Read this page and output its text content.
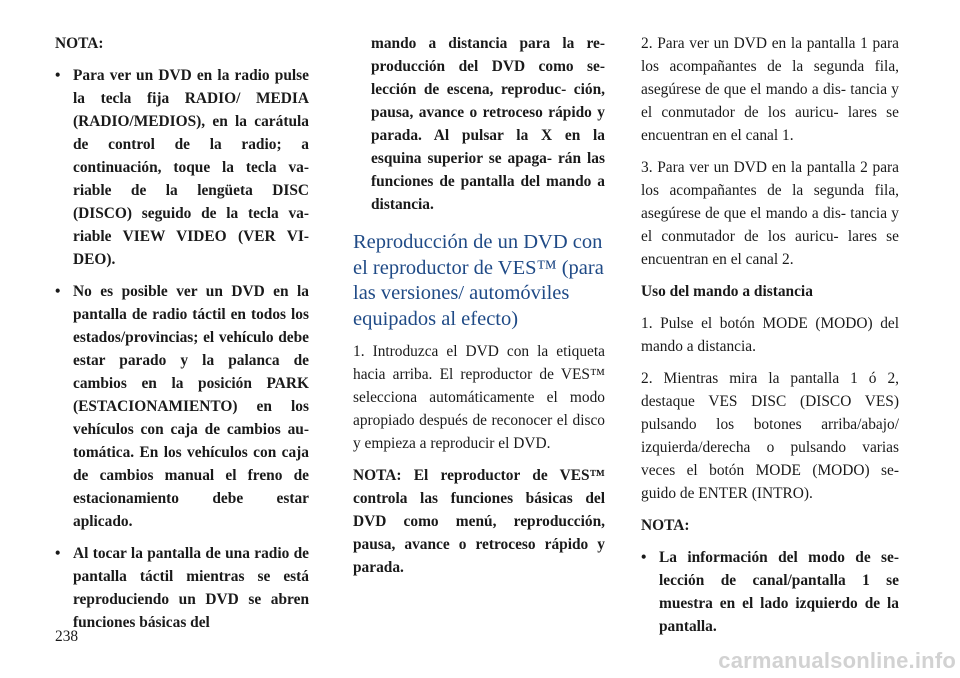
NOTA:

• Para ver un DVD en la radio pulse la tecla fija RADIO/ MEDIA (RADIO/MEDIOS), en la carátula de control de la radio; a continuación, toque la tecla va- riable de la lengüeta DISC (DISCO) seguido de la tecla va- riable VIEW VIDEO (VER VI- DEO).
• No es posible ver un DVD en la pantalla de radio táctil en todos los estados/provincias; el vehículo debe estar parado y la palanca de cambios en la posición PARK (ESTACIONAMIENTO) en los vehículos con caja de cambios au- tomática. En los vehículos con caja de cambios manual el freno de estacionamiento debe estar aplicado.
• Al tocar la pantalla de una radio de pantalla táctil mientras se está reproduciendo un DVD se abren funciones básicas del
mando a distancia para la re- producción del DVD como se- lección de escena, reproduc- ción, pausa, avance o retroceso rápido y parada. Al pulsar la X en la esquina superior se apaga- rán las funciones de pantalla del mando a distancia.
Reproducción de un DVD con el reproductor de VES™ (para las versiones/ automóviles equipados al efecto)

1. Introduzca el DVD con la etiqueta hacia arriba. El reproductor de VES™ selecciona automáticamente el modo apropiado después de reconocer el disco y empieza a reproducir el DVD.

NOTA: El reproductor de VES™ controla las funciones básicas del DVD como menú, reproducción, pausa, avance o retroceso rápido y parada.

2. Para ver un DVD en la pantalla 1 para los acompañantes de la segunda fila, asegúrese de que el mando a dis- tancia y el conmutador de los auricu- lares se encuentran en el canal 1.

3. Para ver un DVD en la pantalla 2 para los acompañantes de la segunda fila, asegúrese de que el mando a dis- tancia y el conmutador de los auricu- lares se encuentran en el canal 2.

Uso del mando a distancia

1. Pulse el botón MODE (MODO) del mando a distancia.

2. Mientras mira la pantalla 1 ó 2, destaque VES DISC (DISCO VES) pulsando los botones arriba/abajo/ izquierda/derecha o pulsando varias veces el botón MODE (MODO) se- guido de ENTER (INTRO).

NOTA:

• La información del modo de se- lección de canal/pantalla 1 se muestra en el lado izquierdo de la pantalla.
238
carmanualsonline.info
